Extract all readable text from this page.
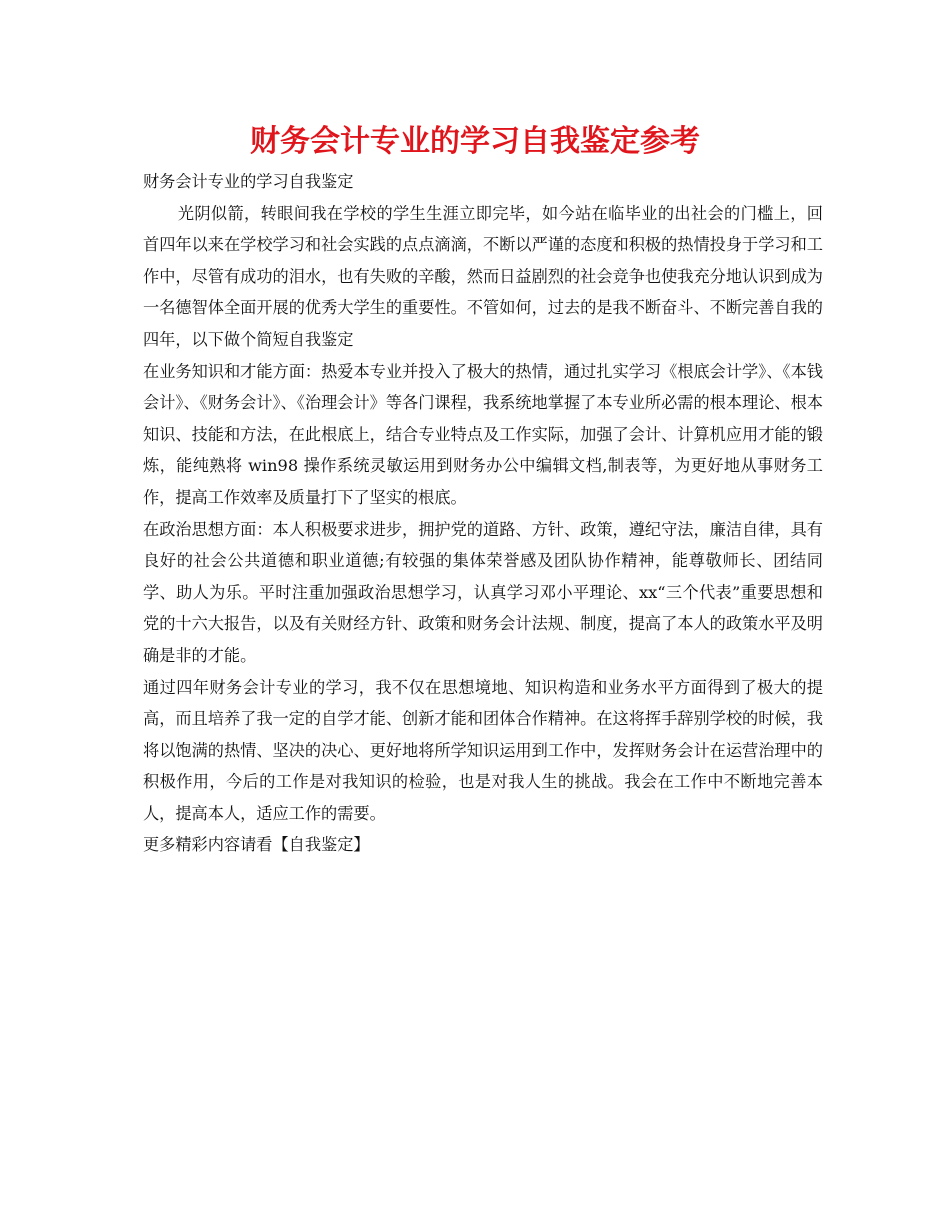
财务会计专业的学习自我鉴定参考

财务会计专业的学习自我鉴定

光阴似箭，转眼间我在学校的学生生涯立即完毕，如今站在临毕业的出社会的门槛上，回首四年以来在学校学习和社会实践的点点滴滴，不断以严谨的态度和积极的热情投身于学习和工作中，尽管有成功的泪水，也有失败的辛酸，然而日益剧烈的社会竞争也使我充分地认识到成为一名德智体全面开展的优秀大学生的重要性。不管如何，过去的是我不断奋斗、不断完善自我的四年，以下做个简短自我鉴定

在业务知识和才能方面：热爱本专业并投入了极大的热情，通过扎实学习《根底会计学》、《本钱会计》、《财务会计》、《治理会计》等各门课程，我系统地掌握了本专业所必需的根本理论、根本知识、技能和方法，在此根底上，结合专业特点及工作实际，加强了会计、计算机应用才能的锻炼，能纯熟将 win98 操作系统灵敏运用到财务办公中编辑文档,制表等，为更好地从事财务工作，提高工作效率及质量打下了坚实的根底。

在政治思想方面：本人积极要求进步，拥护党的道路、方针、政策，遵纪守法，廉洁自律，具有良好的社会公共道德和职业道德;有较强的集体荣誉感及团队协作精神，能尊敬师长、团结同学、助人为乐。平时注重加强政治思想学习，认真学习邓小平理论、xx“三个代表”重要思想和党的十六大报告，以及有关财经方针、政策和财务会计法规、制度，提高了本人的政策水平及明确是非的才能。

通过四年财务会计专业的学习，我不仅在思想境地、知识构造和业务水平方面得到了极大的提高，而且培养了我一定的自学才能、创新才能和团体合作精神。在这将挥手辞别学校的时候，我将以饱满的热情、坚决的决心、更好地将所学知识运用到工作中，发挥财务会计在运营治理中的积极作用，今后的工作是对我知识的检验，也是对我人生的挑战。我会在工作中不断地完善本人，提高本人，适应工作的需要。

更多精彩内容请看【自我鉴定】
